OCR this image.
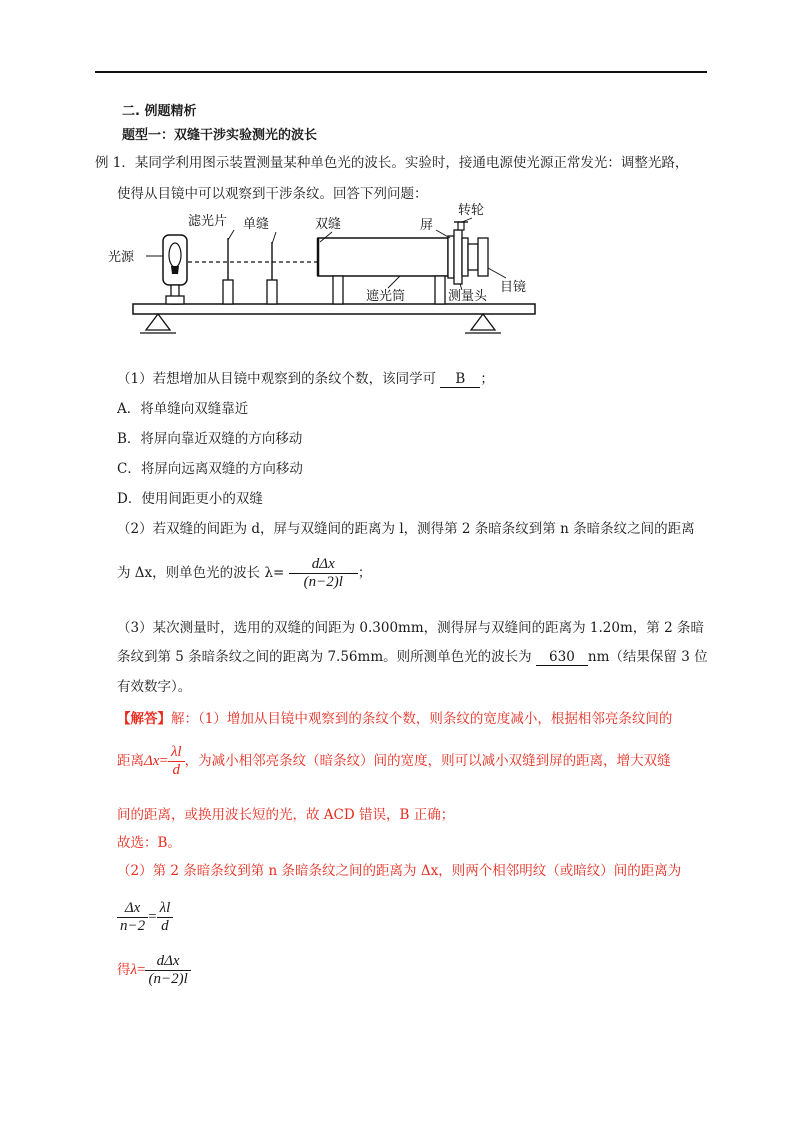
二. 例题精析
题型一：双缝干涉实验测光的波长
例 1．某同学利用图示装置测量某种单色光的波长。实验时，接通电源使光源正常发光：调整光路，
使得从目镜中可以观察到干涉条纹。回答下列问题：
光源
滤光片 单缝	双缝	屏
转轮
遮光筒	测量头
目镜
（1）若想增加从目镜中观察到的条纹个数，该同学可 B ；
A．将单缝向双缝靠近
B．将屏向靠近双缝的方向移动
C．将屏向远离双缝的方向移动
D．使用间距更小的双缝
（2）若双缝的间距为 d，屏与双缝间的距离为 l，测得第 2 条暗条纹到第 n 条暗条纹之间的距离
为 Δx，则单色光的波长 $\lambda= \frac{\text{dΔx}}{(n-2)l}$ ；
（3）某次测量时，选用的双缝的间距为 0.300mm，测得屏与双缝间的距离为 1.20m，第 2 条暗
条纹到第 5 条暗条纹之间的距离为 7.56mm。则所测单色光的波长为 630 nm（结果保留 3 位
有效数字）。
【解答】解：（1）增加从目镜中观察到的条纹个数，则条纹的宽度减小，根据相邻亮条纹间的
距离$\Delta x= \frac{\lambda l}{d}$ ，为减小相邻亮条纹（暗条纹）间的宽度，则可以减小双缝到屏的距离，增大双缝
间的距离，或换用波长短的光，故 ACD 错误，B 正确；
故选：B。
（2）第 2 条暗条纹到第 n 条暗条纹之间的距离为 Δx，则两个相邻明纹（或暗纹）间的距离为
$\frac{\Delta x}{n-2} = \frac{\lambda l}{d}$
得$\lambda= \frac{\text{dΔx}}{(n-2)l}$
